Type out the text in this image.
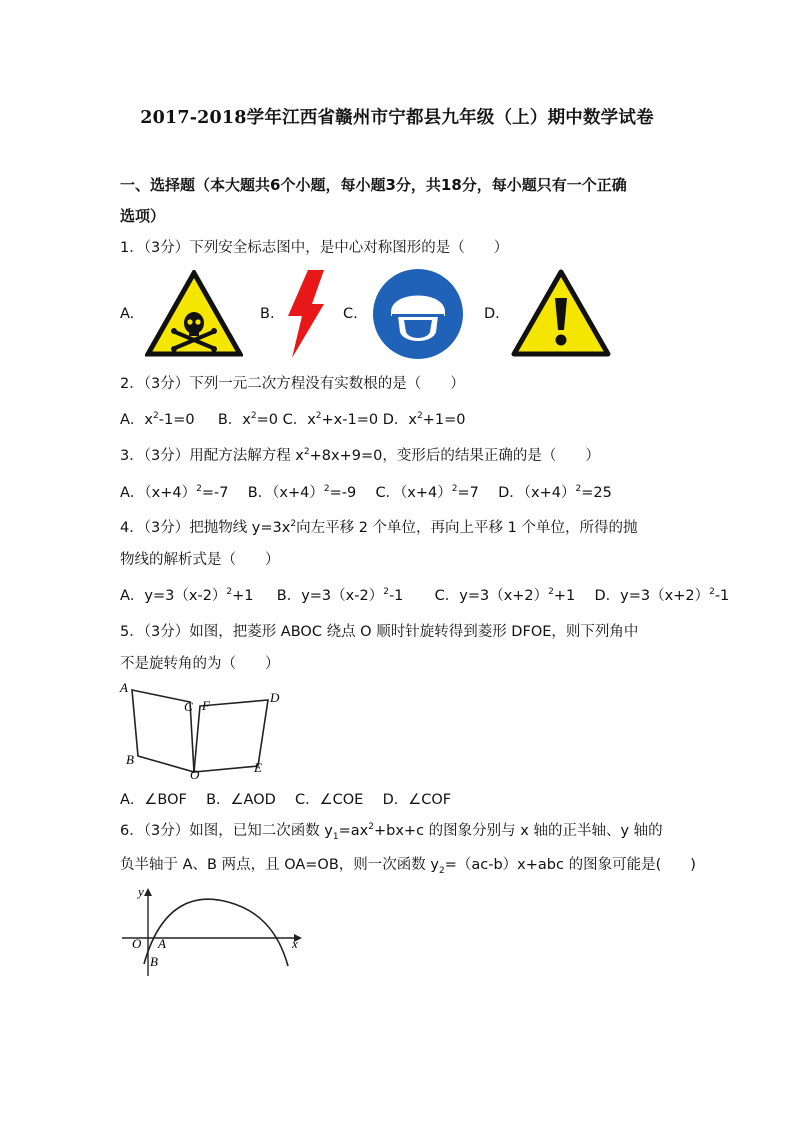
2017-2018学年江西省赣州市宁都县九年级（上）期中数学试卷
一、选择题（本大题共6个小题，每小题3分，共18分，每小题只有一个正确
选项）
1．（3分）下列安全标志图中，是中心对称图形的是（　　）
A.	B.	C.	D.
2．（3分）下列一元二次方程没有实数根的是（　　）
A．$x^2-1=0$ B．$x^2=0$ C．$x^2+x-1=0$ D．$x^2+1=0$
3．（3分）用配方法解方程 $x^2+8x+9=0$，变形后的结果正确的是（　　）
A．$(x+4)^2=-7$ B．$(x+4)^2=-9$ C．$(x+4)^2=7$ D．$(x+4)^2=25$
4．（3分）把抛物线 $y=3x^2$向左平移 2 个单位，再向上平移 1 个单位，所得的抛
物线的解析式是（　　）
A．$y=3(x-2)^2+1$ B．$y=3(x-2)^2-1$ C．$y=3(x+2)^2+1$ D．$y=3(x+2)^2-1$
5．（3分）如图，把菱形 ABOC 绕点 O 顺时针旋转得到菱形 DFOE，则下列角中
不是旋转角的为（　　）
A
C F
D
B
O	E
A．∠BOF B．∠AOD C．∠COE D．∠COF
6．（3分）如图，已知二次函数 $y_1=ax^2+bx+c$ 的图象分别与 x 轴的正半轴、y 轴的
负半轴于 A、B 两点，且 OA=OB，则一次函数 $y_2=(ac-b)x+abc$ 的图象可能是(　　)
y
O A	x
B
